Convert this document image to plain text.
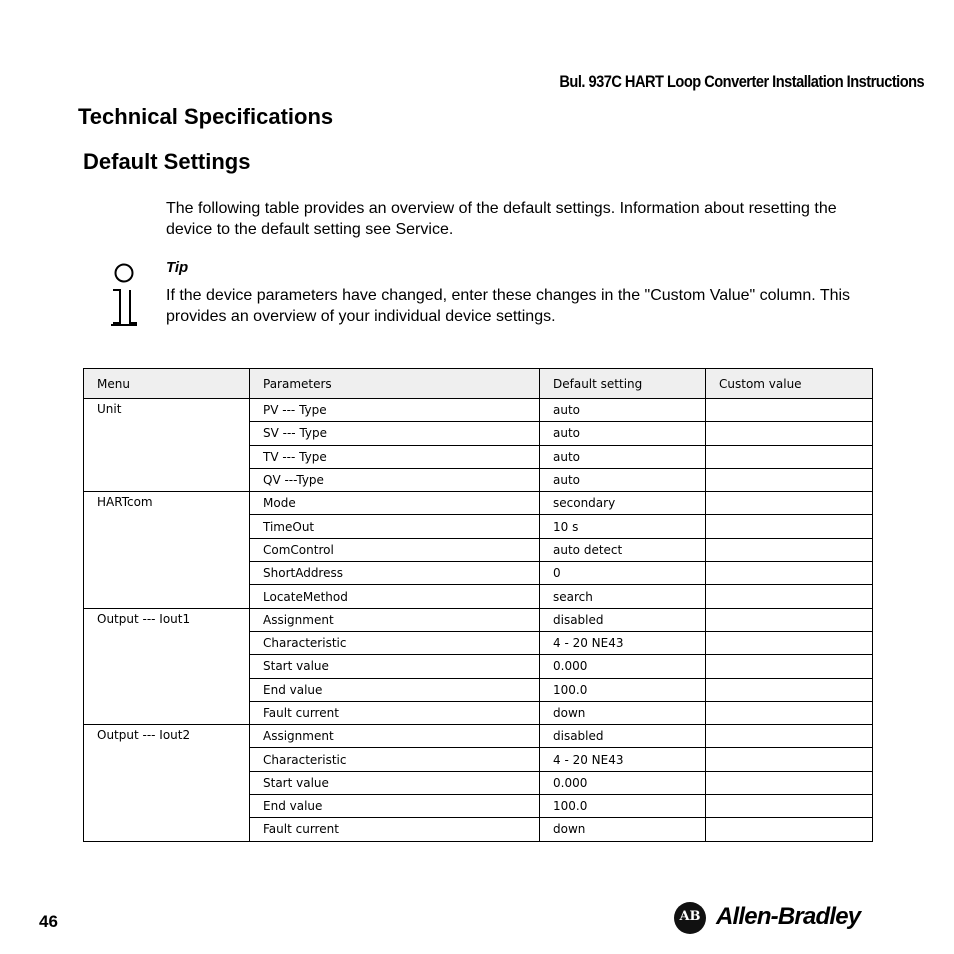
Bul. 937C HART Loop Converter Installation Instructions
Technical Specifications
Default Settings

The following table provides an overview of the default settings. Information about resetting the device to the default setting see Service.

Tip

If the device parameters have changed, enter these changes in the "Custom Value" column. This provides an overview of your individual device settings.

Menu	Parameters	Default setting	Custom value
Unit	PV --- Type	auto	
	SV --- Type	auto	
	TV --- Type	auto	
	QV ---Type	auto	
HARTcom	Mode	secondary	
	TimeOut	10 s	
	ComControl	auto detect	
	ShortAddress	0	
	LocateMethod	search	
Output --- Iout1	Assignment	disabled	
	Characteristic	4 - 20 NE43	
	Start value	0.000	
	End value	100.0	
	Fault current	down	
Output --- Iout2	Assignment	disabled	
	Characteristic	4 - 20 NE43	
	Start value	0.000	
	End value	100.0	
	Fault current	down	

46	AB Allen-Bradley
